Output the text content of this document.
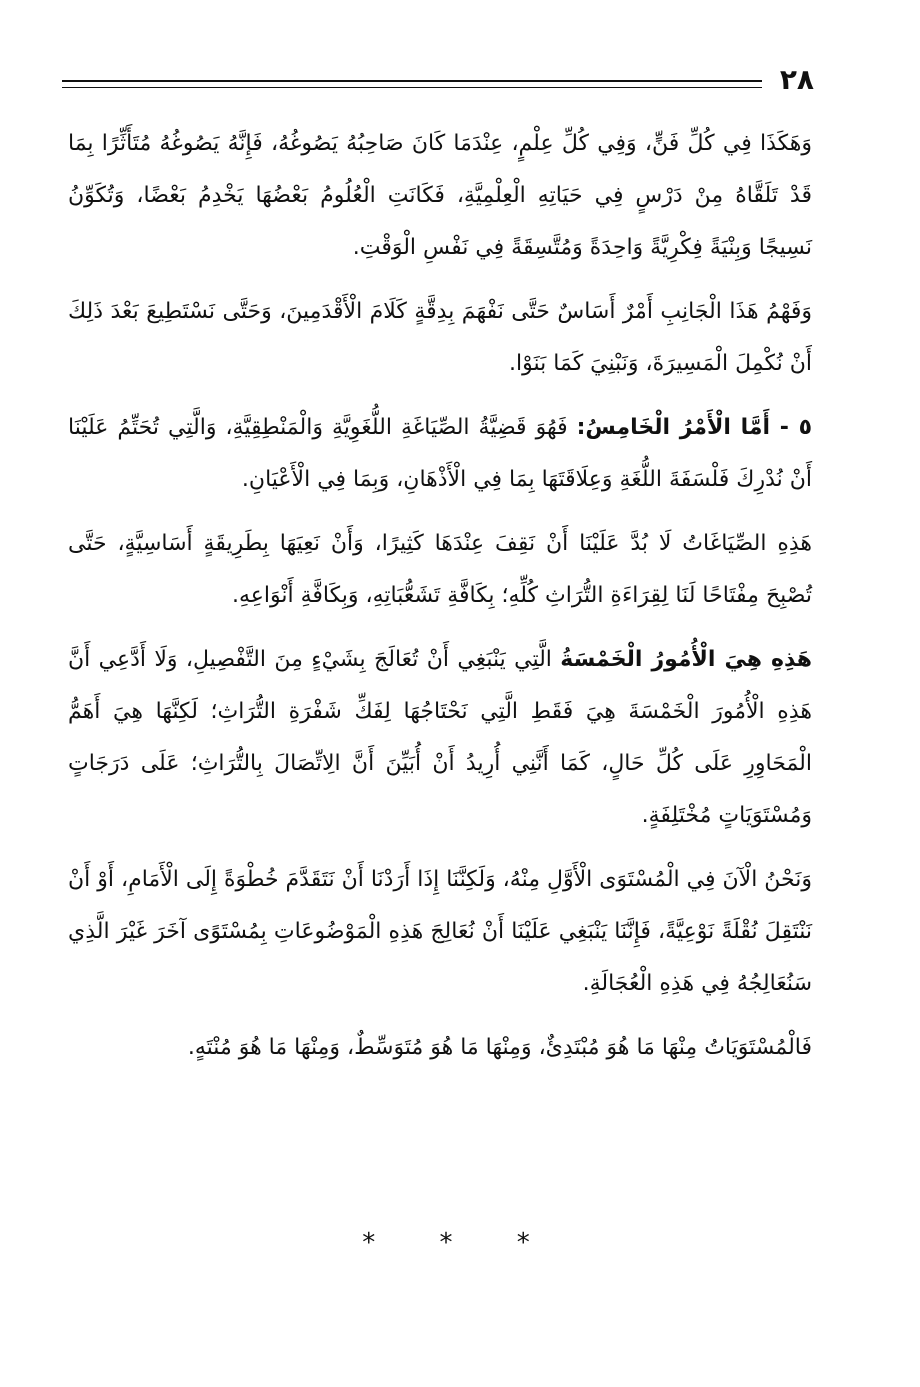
٢٨

وَهَكَذَا فِي كُلِّ فَنٍّ، وَفِي كُلِّ عِلْمٍ، عِنْدَمَا كَانَ صَاحِبُهُ يَصُوغُهُ، فَإِنَّهُ يَصُوغُهُ مُتَأَثِّرًا بِمَا قَدْ تَلَقَّاهُ مِنْ دَرْسٍ فِي حَيَاتِهِ الْعِلْمِيَّةِ، فَكَانَتِ الْعُلُومُ بَعْضُهَا يَخْدِمُ بَعْضًا، وَتُكَوِّنُ نَسِيجًا وَبِنْيَةً فِكْرِيَّةً وَاحِدَةً وَمُتَّسِقَةً فِي نَفْسِ الْوَقْتِ.

وَفَهْمُ هَذَا الْجَانِبِ أَمْرٌ أَسَاسٌ حَتَّى نَفْهَمَ بِدِقَّةٍ كَلَامَ الْأَقْدَمِينَ، وَحَتَّى نَسْتَطِيعَ بَعْدَ ذَلِكَ أَنْ نُكْمِلَ الْمَسِيرَةَ، وَنَبْنِيَ كَمَا بَنَوْا.

٥ - أَمَّا الْأَمْرُ الْخَامِسُ: فَهُوَ قَضِيَّةُ الصِّيَاغَةِ اللُّغَوِيَّةِ وَالْمَنْطِقِيَّةِ، وَالَّتِي تُحَتِّمُ عَلَيْنَا أَنْ نُدْرِكَ فَلْسَفَةَ اللُّغَةِ وَعِلَاقَتَهَا بِمَا فِي الْأَذْهَانِ، وَبِمَا فِي الْأَعْيَانِ.

هَذِهِ الصِّيَاغَاتُ لَا بُدَّ عَلَيْنَا أَنْ نَقِفَ عِنْدَهَا كَثِيرًا، وَأَنْ نَعِيَهَا بِطَرِيقَةٍ أَسَاسِيَّةٍ، حَتَّى تُصْبِحَ مِفْتَاحًا لَنَا لِقِرَاءَةِ التُّرَاثِ كُلِّهِ؛ بِكَافَّةِ تَشَعُّبَاتِهِ، وَبِكَافَّةِ أَنْوَاعِهِ.

هَذِهِ هِيَ الْأُمُورُ الْخَمْسَةُ الَّتِي يَنْبَغِي أَنْ تُعَالَجَ بِشَيْءٍ مِنَ التَّفْصِيلِ، وَلَا أَدَّعِي أَنَّ هَذِهِ الْأُمُورَ الْخَمْسَةَ هِيَ فَقَطِ الَّتِي نَحْتَاجُهَا لِفَكِّ شَفْرَةِ التُّرَاثِ؛ لَكِنَّهَا هِيَ أَهَمُّ الْمَحَاوِرِ عَلَى كُلِّ حَالٍ، كَمَا أَنَّنِي أُرِيدُ أَنْ أُبَيِّنَ أَنَّ الِاتِّصَالَ بِالتُّرَاثِ؛ عَلَى دَرَجَاتٍ وَمُسْتَوَيَاتٍ مُخْتَلِفَةٍ.

وَنَحْنُ الْآنَ فِي الْمُسْتَوَى الْأَوَّلِ مِنْهُ، وَلَكِنَّنَا إِذَا أَرَدْنَا أَنْ نَتَقَدَّمَ خُطْوَةً إِلَى الْأَمَامِ، أَوْ أَنْ نَنْتَقِلَ نُقْلَةً نَوْعِيَّةً، فَإِنَّنَا يَنْبَغِي عَلَيْنَا أَنْ نُعَالِجَ هَذِهِ الْمَوْضُوعَاتِ بِمُسْتَوًى آخَرَ غَيْرَ الَّذِي سَنُعَالِجُهُ فِي هَذِهِ الْعُجَالَةِ.

فَالْمُسْتَوَيَاتُ مِنْهَا مَا هُوَ مُبْتَدِئٌ، وَمِنْهَا مَا هُوَ مُتَوَسِّطٌ، وَمِنْهَا مَا هُوَ مُنْتَهٍ.

* * *
